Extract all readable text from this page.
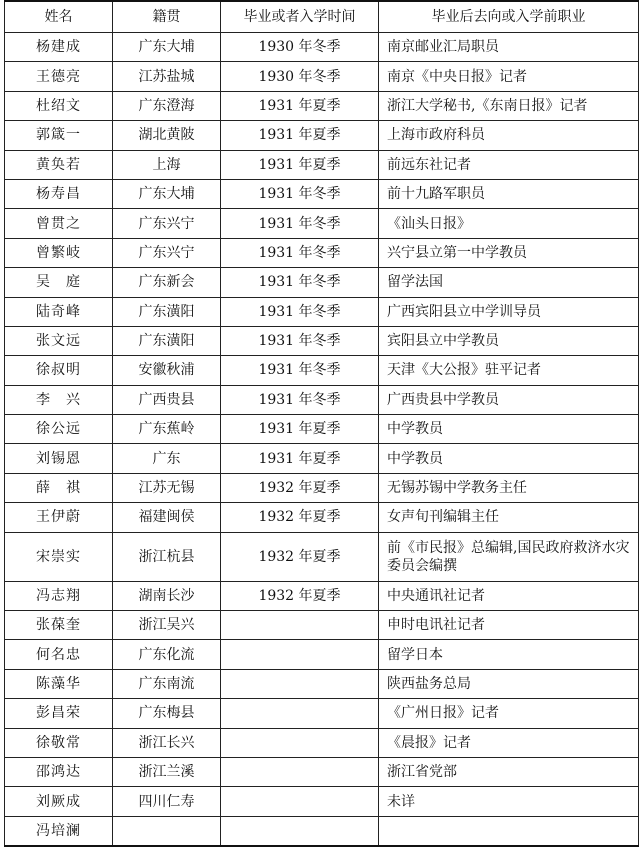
姓名	籍贯	毕业或者入学时间	毕业后去向或入学前职业
杨建成	广东大埔	1930 年冬季	南京邮业汇局职员
王德亮	江苏盐城	1930 年冬季	南京《中央日报》记者
杜绍文	广东澄海	1931 年夏季	浙江大学秘书,《东南日报》记者
郭箴一	湖北黄陂	1931 年夏季	上海市政府科员
黄奂若	上海	1931 年夏季	前远东社记者
杨寿昌	广东大埔	1931 年冬季	前十九路军职员
曾贯之	广东兴宁	1931 年冬季	《汕头日报》
曾繁岐	广东兴宁	1931 年冬季	兴宁县立第一中学教员
吴　庭	广东新会	1931 年冬季	留学法国
陆奇峰	广东潢阳	1931 年冬季	广西宾阳县立中学训导员
张文远	广东潢阳	1931 年冬季	宾阳县立中学教员
徐叔明	安徽秋浦	1931 年冬季	天津《大公报》驻平记者
李　兴	广西贵县	1931 年冬季	广西贵县中学教员
徐公远	广东蕉岭	1931 年夏季	中学教员
刘锡恩	广东	1931 年夏季	中学教员
薛　祺	江苏无锡	1932 年夏季	无锡苏锡中学教务主任
王伊蔚	福建闽侯	1932 年夏季	女声旬刊编辑主任
宋崇实	浙江杭县	1932 年夏季	前《市民报》总编辑,国民政府救济水灾委员会编撰
冯志翔	湖南长沙	1932 年夏季	中央通讯社记者
张葆奎	浙江吴兴		申时电讯社记者
何名忠	广东化流		留学日本
陈藻华	广东南流		陕西盐务总局
彭昌荣	广东梅县		《广州日报》记者
徐敬常	浙江长兴		《晨报》记者
邵鸿达	浙江兰溪		浙江省党部
刘厥成	四川仁寿		未详
冯培澜			
